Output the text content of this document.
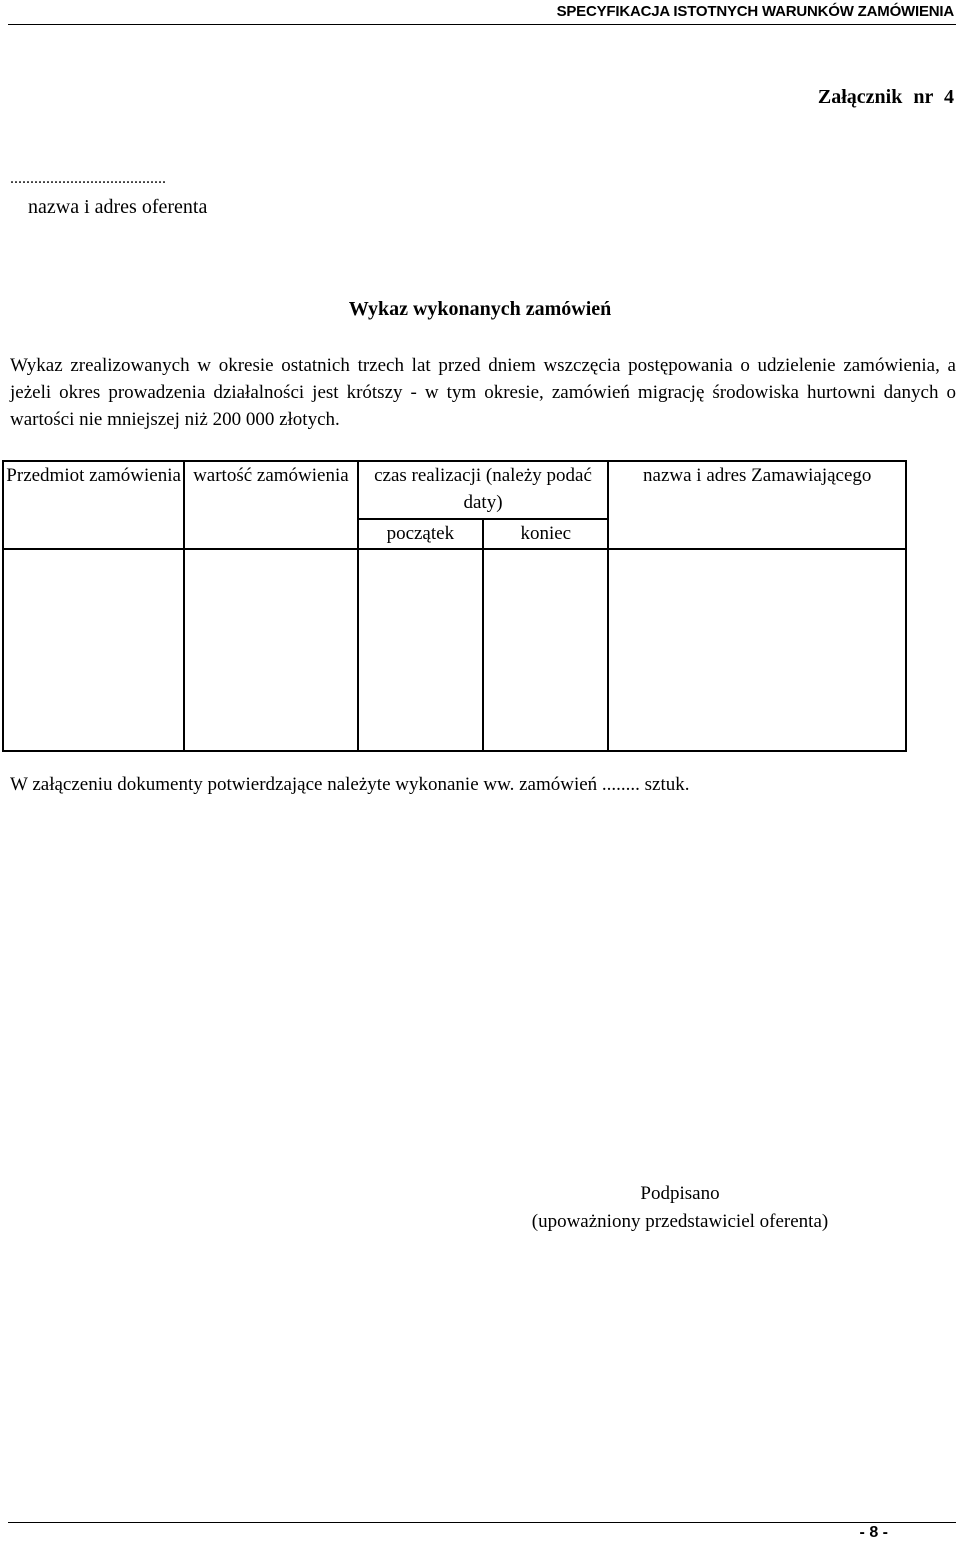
SPECYFIKACJA ISTOTNYCH WARUNKÓW ZAMÓWIENIA
Załącznik nr 4
.......................................
nazwa i adres oferenta
Wykaz wykonanych zamówień
Wykaz zrealizowanych w okresie ostatnich trzech lat przed dniem wszczęcia postępowania o udzielenie zamówienia, a jeżeli okres prowadzenia działalności jest krótszy - w tym okresie, zamówień migrację środowiska hurtowni danych o wartości nie mniejszej niż 200 000 złotych.
Przedmiot zamówienia	wartość zamówienia	czas realizacji (należy podać daty)		nazwa i adres Zamawiającego
		początek	koniec	

W załączeniu dokumenty potwierdzające należyte wykonanie ww. zamówień ........ sztuk.
Podpisano
(upoważniony przedstawiciel oferenta)
- 8 -
